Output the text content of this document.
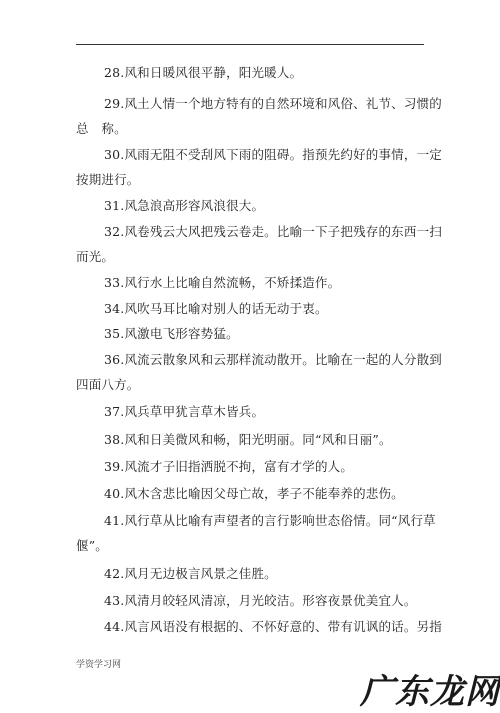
28.风和日暖风很平静，阳光暖人。
29.风土人情一个地方特有的自然环境和风俗、礼节、习惯的
总　称。
30.风雨无阻不受刮风下雨的阻碍。指预先约好的事情，一定
按期进行。
31.风急浪高形容风浪很大。
32.风卷残云大风把残云卷走。比喻一下子把残存的东西一扫
而光。
33.风行水上比喻自然流畅，不矫揉造作。
34.风吹马耳比喻对别人的话无动于衷。
35.风激电飞形容势猛。
36.风流云散象风和云那样流动散开。比喻在一起的人分散到
四面八方。
37.风兵草甲犹言草木皆兵。
38.风和日美微风和畅，阳光明丽。同“风和日丽”。
39.风流才子旧指洒脱不拘，富有才学的人。
40.风木含悲比喻因父母亡故，孝子不能奉养的悲伤。
41.风行草从比喻有声望者的言行影响世态俗情。同“风行草
偃”。
42.风月无边极言风景之佳胜。
43.风清月皎轻风清凉，月光皎洁。形容夜景优美宜人。
44.风言风语没有根据的、不怀好意的、带有讥讽的话。另指
学资学习网
广东龙网
